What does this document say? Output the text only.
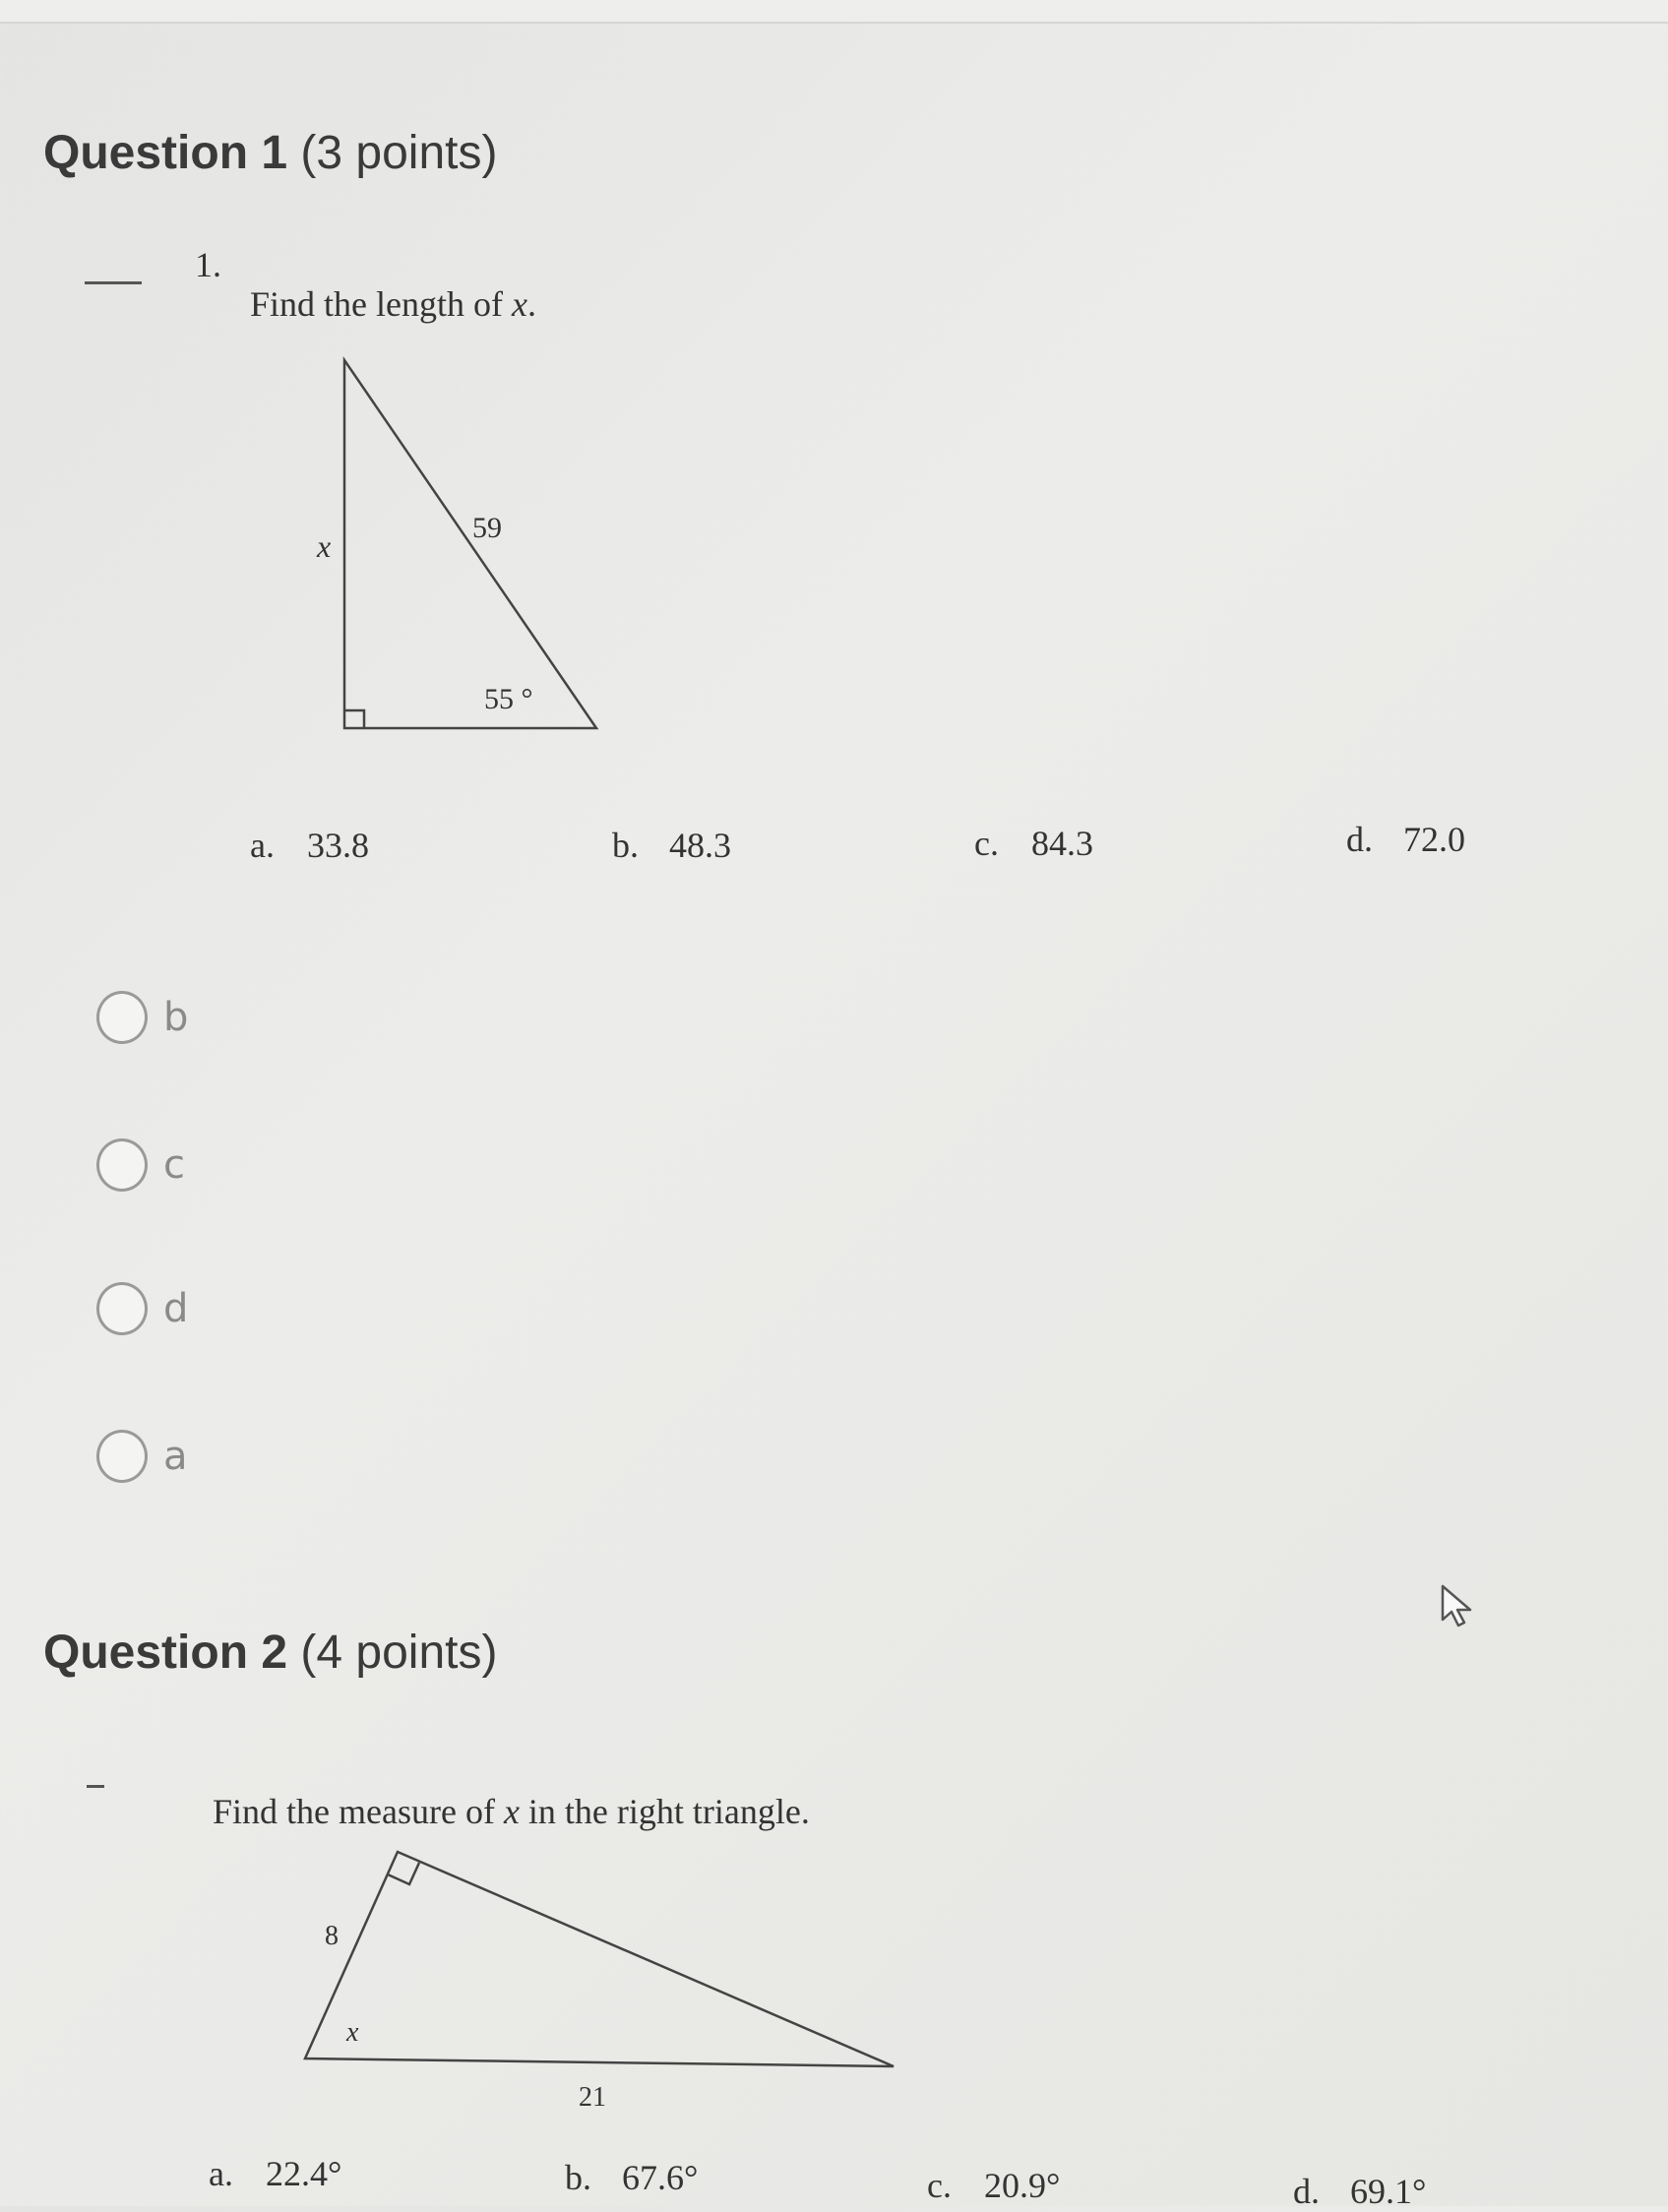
Question 1 (3 points)
1.
Find the length of x.
x
59
55 °
a. 33.8	b. 48.3	c. 84.3	d. 72.0
b
c
d
a
Question 2 (4 points)
Find the measure of x in the right triangle.
8
x
21
a. 22.4°	b. 67.6°	c. 20.9°	d. 69.1°
